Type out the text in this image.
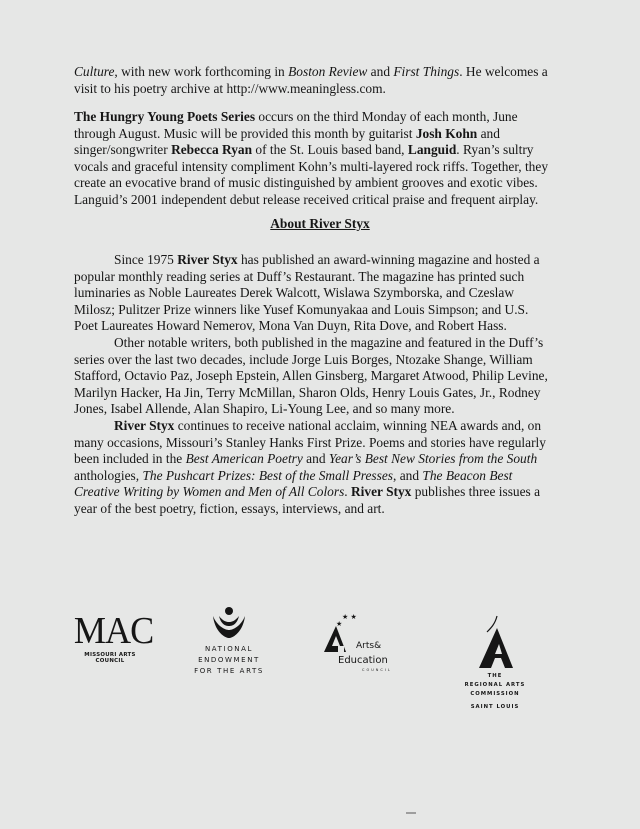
Culture, with new work forthcoming in Boston Review and First Things. He welcomes a visit to his poetry archive at http://www.meaningless.com.

The Hungry Young Poets Series occurs on the third Monday of each month, June through August. Music will be provided this month by guitarist Josh Kohn and singer/songwriter Rebecca Ryan of the St. Louis based band, Languid. Ryan’s sultry vocals and graceful intensity compliment Kohn’s multi-layered rock riffs. Together, they create an evocative brand of music distinguished by ambient grooves and exotic vibes. Languid’s 2001 independent debut release received critical praise and frequent airplay.

About River Styx

Since 1975 River Styx has published an award-winning magazine and hosted a popular monthly reading series at Duff’s Restaurant. The magazine has printed such luminaries as Noble Laureates Derek Walcott, Wislawa Szymborska, and Czeslaw Milosz; Pulitzer Prize winners like Yusef Komunyakaa and Louis Simpson; and U.S. Poet Laureates Howard Nemerov, Mona Van Duyn, Rita Dove, and Robert Hass.

Other notable writers, both published in the magazine and featured in the Duff’s series over the last two decades, include Jorge Luis Borges, Ntozake Shange, William Stafford, Octavio Paz, Joseph Epstein, Allen Ginsberg, Margaret Atwood, Philip Levine, Marilyn Hacker, Ha Jin, Terry McMillan, Sharon Olds, Henry Louis Gates, Jr., Rodney Jones, Isabel Allende, Alan Shapiro, Li-Young Lee, and so many more.

River Styx continues to receive national acclaim, winning NEA awards and, on many occasions, Missouri’s Stanley Hanks First Prize. Poems and stories have regularly been included in the Best American Poetry and Year’s Best New Stories from the South anthologies, The Pushcart Prizes: Best of the Small Presses, and The Beacon Best Creative Writing by Women and Men of All Colors. River Styx publishes three issues a year of the best poetry, fiction, essays, interviews, and art.

MAC
MISSOURI ARTS COUNCIL
NATIONAL
ENDOWMENT
FOR THE ARTS
★ ★
★
Arts&
Education
COUNCIL
THE
REGIONAL ARTS
COMMISSION
SAINT LOUIS
